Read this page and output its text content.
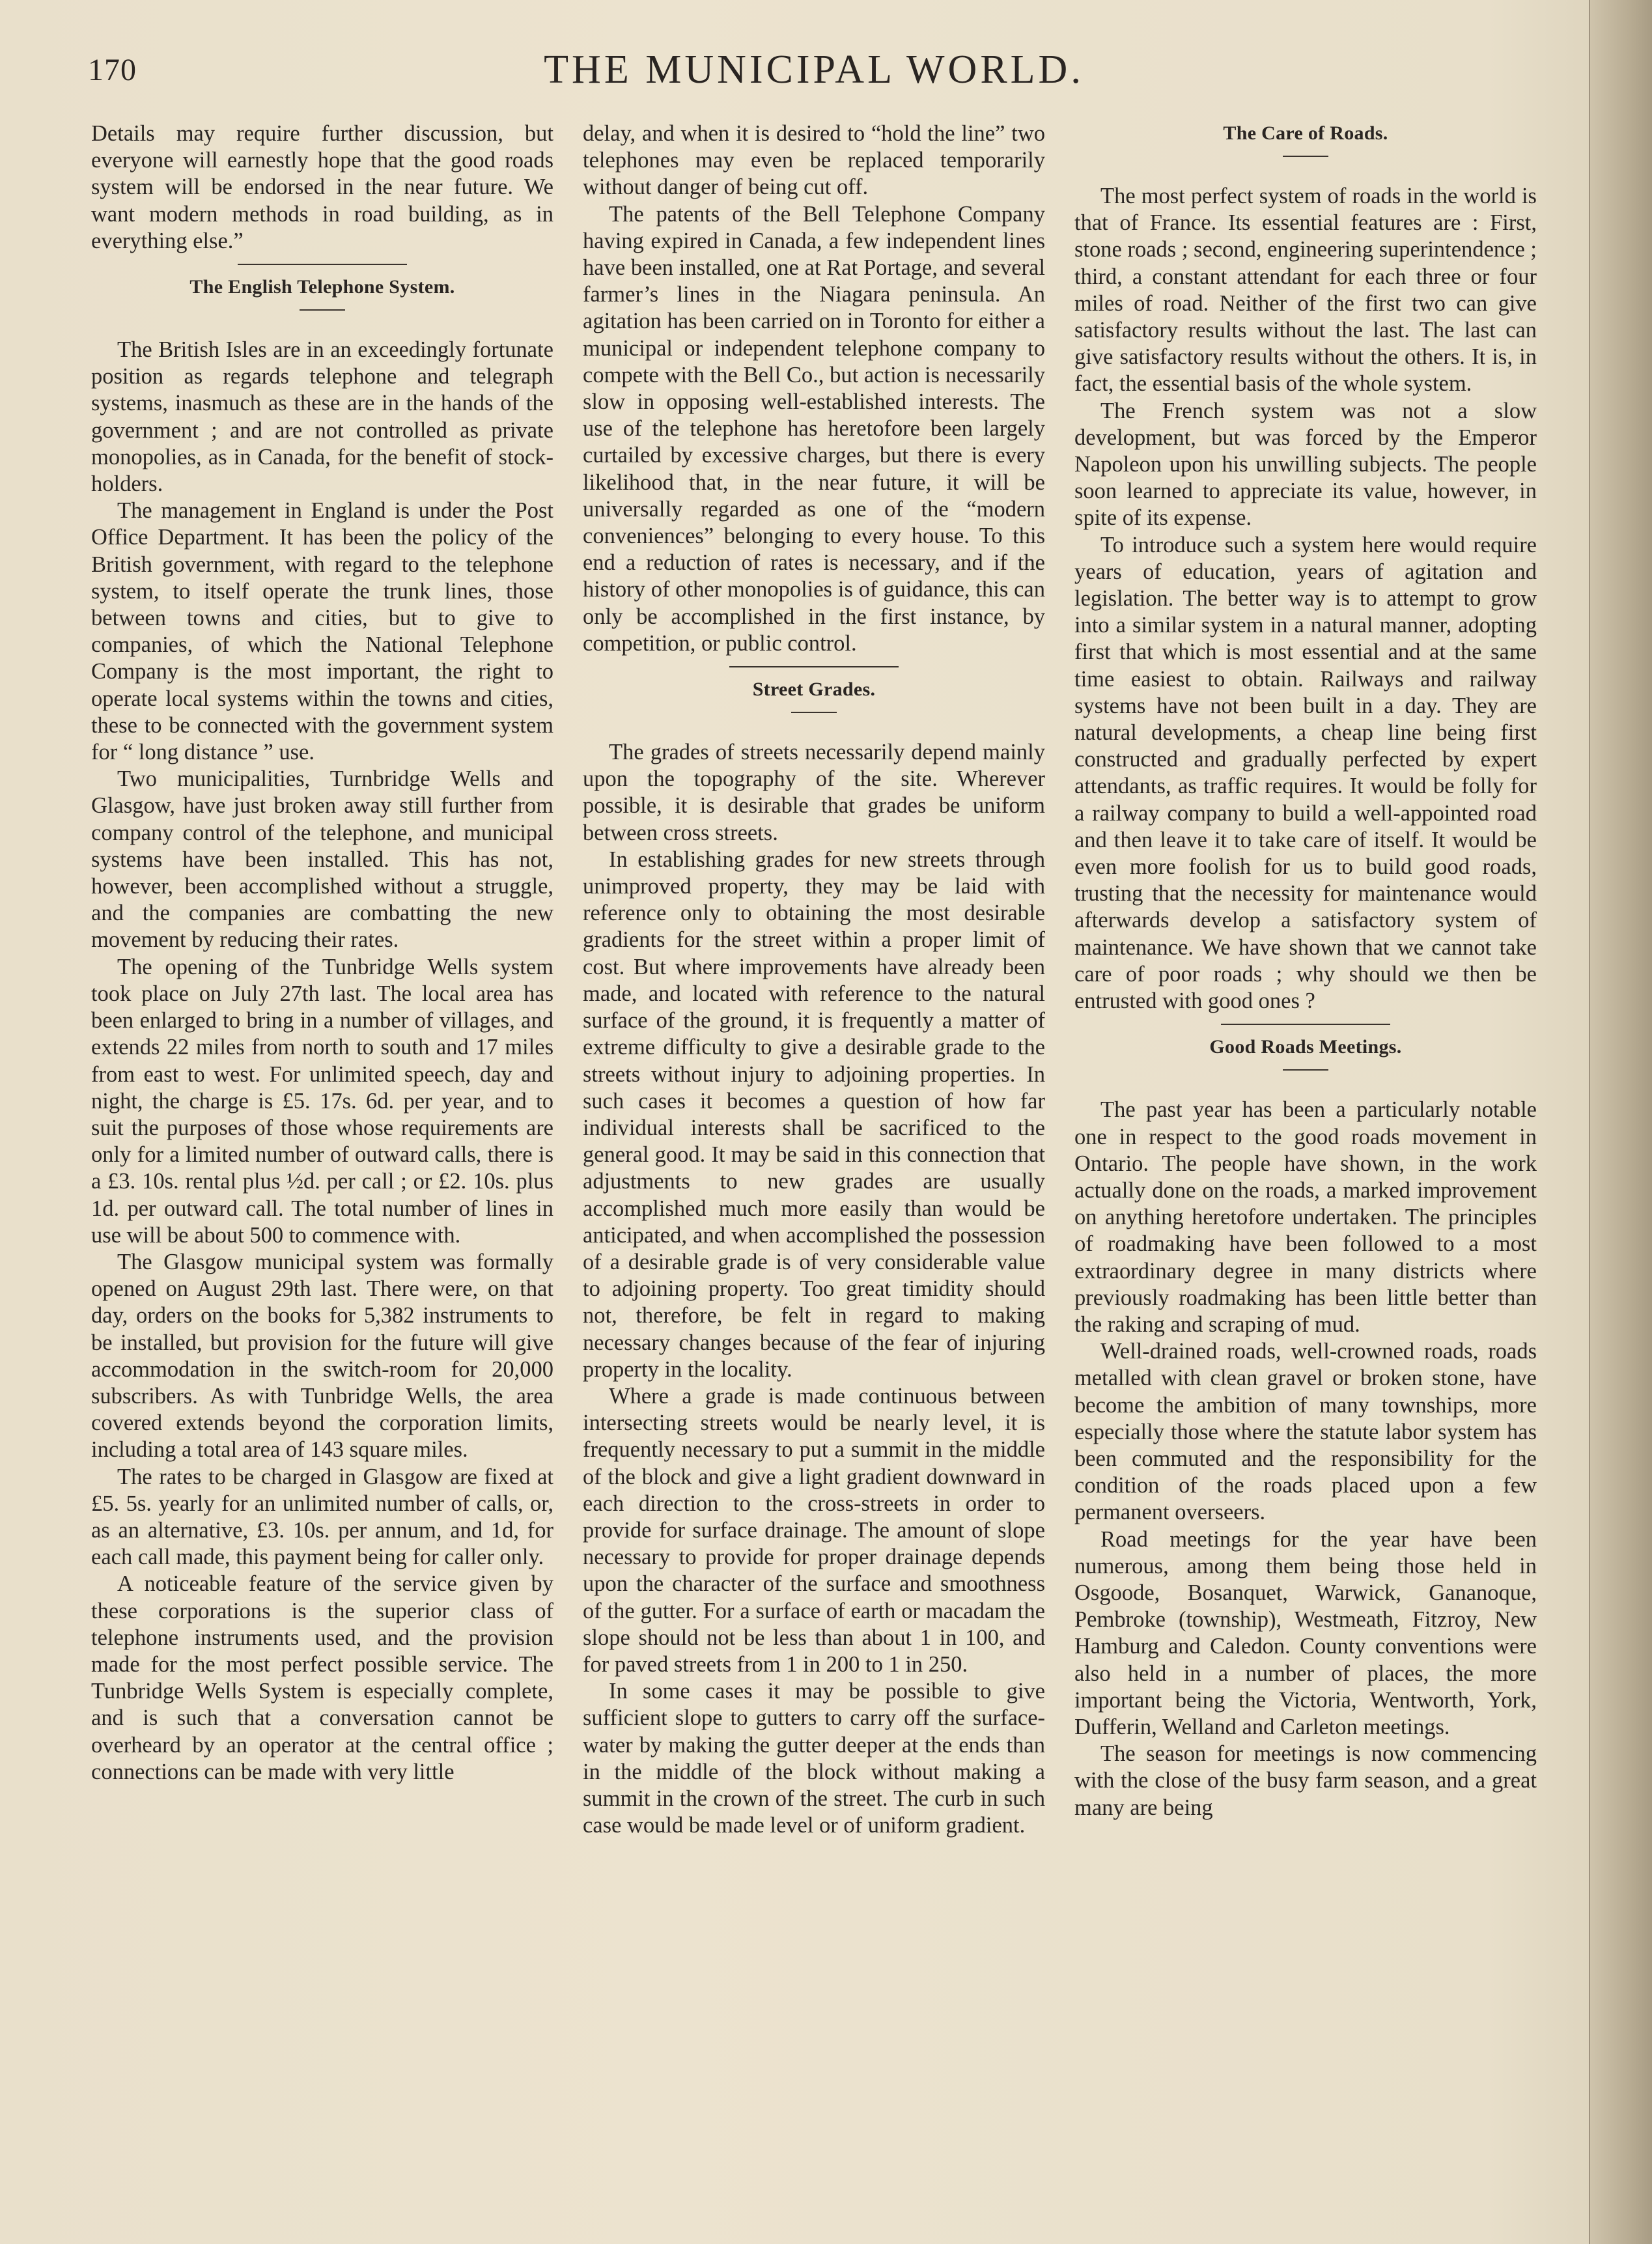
170	THE MUNICIPAL WORLD.

Details may require further discussion, but everyone will earnestly hope that the good roads system will be endorsed in the near future. We want modern methods in road building, as in everything else.”

The English Telephone System.

The British Isles are in an exceedingly fortunate position as regards telephone and telegraph systems, inasmuch as these are in the hands of the government ; and are not controlled as private monopolies, as in Canada, for the benefit of stock-holders.

The management in England is under the Post Office Department. It has been the policy of the British government, with regard to the telephone system, to itself operate the trunk lines, those between towns and cities, but to give to companies, of which the National Telephone Company is the most important, the right to operate local systems within the towns and cities, these to be connected with the government system for “ long distance ” use.

Two municipalities, Turnbridge Wells and Glasgow, have just broken away still further from company control of the telephone, and municipal systems have been installed. This has not, however, been accomplished without a struggle, and the companies are combatting the new movement by reducing their rates.

The opening of the Tunbridge Wells system took place on July 27th last. The local area has been enlarged to bring in a number of villages, and extends 22 miles from north to south and 17 miles from east to west. For unlimited speech, day and night, the charge is £5. 17s. 6d. per year, and to suit the purposes of those whose requirements are only for a limited number of outward calls, there is a £3. 10s. rental plus ½d. per call ; or £2. 10s. plus 1d. per outward call. The total number of lines in use will be about 500 to commence with.

The Glasgow municipal system was formally opened on August 29th last. There were, on that day, orders on the books for 5,382 instruments to be installed, but provision for the future will give accommodation in the switch-room for 20,000 subscribers. As with Tunbridge Wells, the area covered extends beyond the corporation limits, including a total area of 143 square miles.

The rates to be charged in Glasgow are fixed at £5. 5s. yearly for an unlimited number of calls, or, as an alternative, £3. 10s. per annum, and 1d, for each call made, this payment being for caller only.

A noticeable feature of the service given by these corporations is the superior class of telephone instruments used, and the provision made for the most perfect possible service. The Tunbridge Wells System is especially complete, and is such that a conversation cannot be overheard by an operator at the central office ; connections can be made with very little

delay, and when it is desired to “hold the line” two telephones may even be replaced temporarily without danger of being cut off.

The patents of the Bell Telephone Company having expired in Canada, a few independent lines have been installed, one at Rat Portage, and several farmer’s lines in the Niagara peninsula. An agitation has been carried on in Toronto for either a municipal or independent telephone company to compete with the Bell Co., but action is necessarily slow in opposing well-established interests. The use of the telephone has heretofore been largely curtailed by excessive charges, but there is every likelihood that, in the near future, it will be universally regarded as one of the “modern conveniences” belonging to every house. To this end a reduction of rates is necessary, and if the history of other monopolies is of guidance, this can only be accomplished in the first instance, by competition, or public control.

Street Grades.

The grades of streets necessarily depend mainly upon the topography of the site. Wherever possible, it is desirable that grades be uniform between cross streets.

In establishing grades for new streets through unimproved property, they may be laid with reference only to obtaining the most desirable gradients for the street within a proper limit of cost. But where improvements have already been made, and located with reference to the natural surface of the ground, it is frequently a matter of extreme difficulty to give a desirable grade to the streets without injury to adjoining properties. In such cases it becomes a question of how far individual interests shall be sacrificed to the general good. It may be said in this connection that adjustments to new grades are usually accomplished much more easily than would be anticipated, and when accomplished the possession of a desirable grade is of very considerable value to adjoining property. Too great timidity should not, therefore, be felt in regard to making necessary changes because of the fear of injuring property in the locality.

Where a grade is made continuous between intersecting streets would be nearly level, it is frequently necessary to put a summit in the middle of the block and give a light gradient downward in each direction to the cross-streets in order to provide for surface drainage. The amount of slope necessary to provide for proper drainage depends upon the character of the surface and smoothness of the gutter. For a surface of earth or macadam the slope should not be less than about 1 in 100, and for paved streets from 1 in 200 to 1 in 250.

In some cases it may be possible to give sufficient slope to gutters to carry off the surface-water by making the gutter deeper at the ends than in the middle of the block without making a summit in the crown of the street. The curb in such case would be made level or of uniform gradient.

The Care of Roads.

The most perfect system of roads in the world is that of France. Its essential features are : First, stone roads ; second, engineering superintendence ; third, a constant attendant for each three or four miles of road. Neither of the first two can give satisfactory results without the last. The last can give satisfactory results without the others. It is, in fact, the essential basis of the whole system.

The French system was not a slow development, but was forced by the Emperor Napoleon upon his unwilling subjects. The people soon learned to appreciate its value, however, in spite of its expense.

To introduce such a system here would require years of education, years of agitation and legislation. The better way is to attempt to grow into a similar system in a natural manner, adopting first that which is most essential and at the same time easiest to obtain. Railways and railway systems have not been built in a day. They are natural developments, a cheap line being first constructed and gradually perfected by expert attendants, as traffic requires. It would be folly for a railway company to build a well-appointed road and then leave it to take care of itself. It would be even more foolish for us to build good roads, trusting that the necessity for maintenance would afterwards develop a satisfactory system of maintenance. We have shown that we cannot take care of poor roads ; why should we then be entrusted with good ones ?

Good Roads Meetings.

The past year has been a particularly notable one in respect to the good roads movement in Ontario. The people have shown, in the work actually done on the roads, a marked improvement on anything heretofore undertaken. The principles of roadmaking have been followed to a most extraordinary degree in many districts where previously roadmaking has been little better than the raking and scraping of mud.

Well-drained roads, well-crowned roads, roads metalled with clean gravel or broken stone, have become the ambition of many townships, more especially those where the statute labor system has been commuted and the responsibility for the condition of the roads placed upon a few permanent overseers.

Road meetings for the year have been numerous, among them being those held in Osgoode, Bosanquet, Warwick, Gananoque, Pembroke (township), Westmeath, Fitzroy, New Hamburg and Caledon. County conventions were also held in a number of places, the more important being the Victoria, Wentworth, York, Dufferin, Welland and Carleton meetings.

The season for meetings is now commencing with the close of the busy farm season, and a great many are being
